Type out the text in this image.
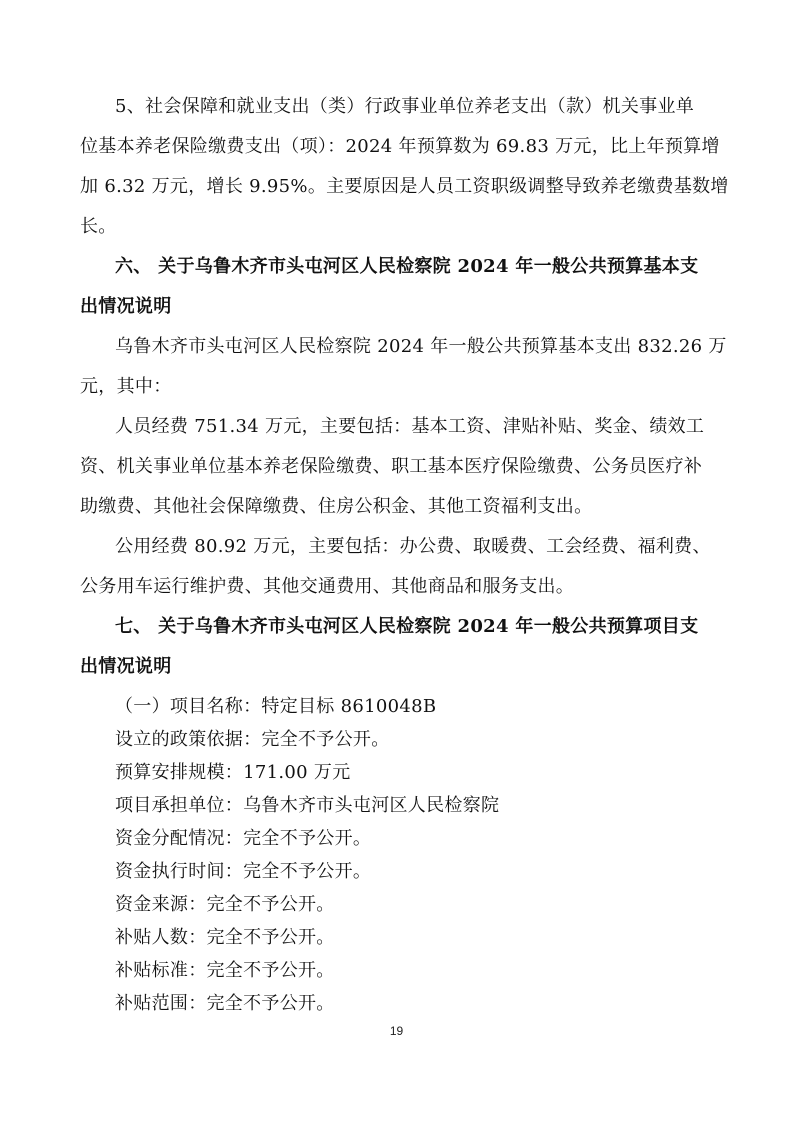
5、社会保障和就业支出（类）行政事业单位养老支出（款）机关事业单

位基本养老保险缴费支出（项）：2024 年预算数为 69.83 万元，比上年预算增

加 6.32 万元，增长 9.95%。主要原因是人员工资职级调整导致养老缴费基数增

长。

六、 关于乌鲁木齐市头屯河区人民检察院 2024 年一般公共预算基本支

出情况说明

乌鲁木齐市头屯河区人民检察院 2024 年一般公共预算基本支出 832.26 万

元，其中：

人员经费 751.34 万元，主要包括：基本工资、津贴补贴、奖金、绩效工

资、机关事业单位基本养老保险缴费、职工基本医疗保险缴费、公务员医疗补

助缴费、其他社会保障缴费、住房公积金、其他工资福利支出。

公用经费 80.92 万元，主要包括：办公费、取暖费、工会经费、福利费、

公务用车运行维护费、其他交通费用、其他商品和服务支出。

七、 关于乌鲁木齐市头屯河区人民检察院 2024 年一般公共预算项目支

出情况说明

（一）项目名称：特定目标 8610048B

设立的政策依据：完全不予公开。

预算安排规模：171.00 万元

项目承担单位：乌鲁木齐市头屯河区人民检察院

资金分配情况：完全不予公开。

资金执行时间：完全不予公开。

资金来源：完全不予公开。

补贴人数：完全不予公开。

补贴标准：完全不予公开。

补贴范围：完全不予公开。

19
